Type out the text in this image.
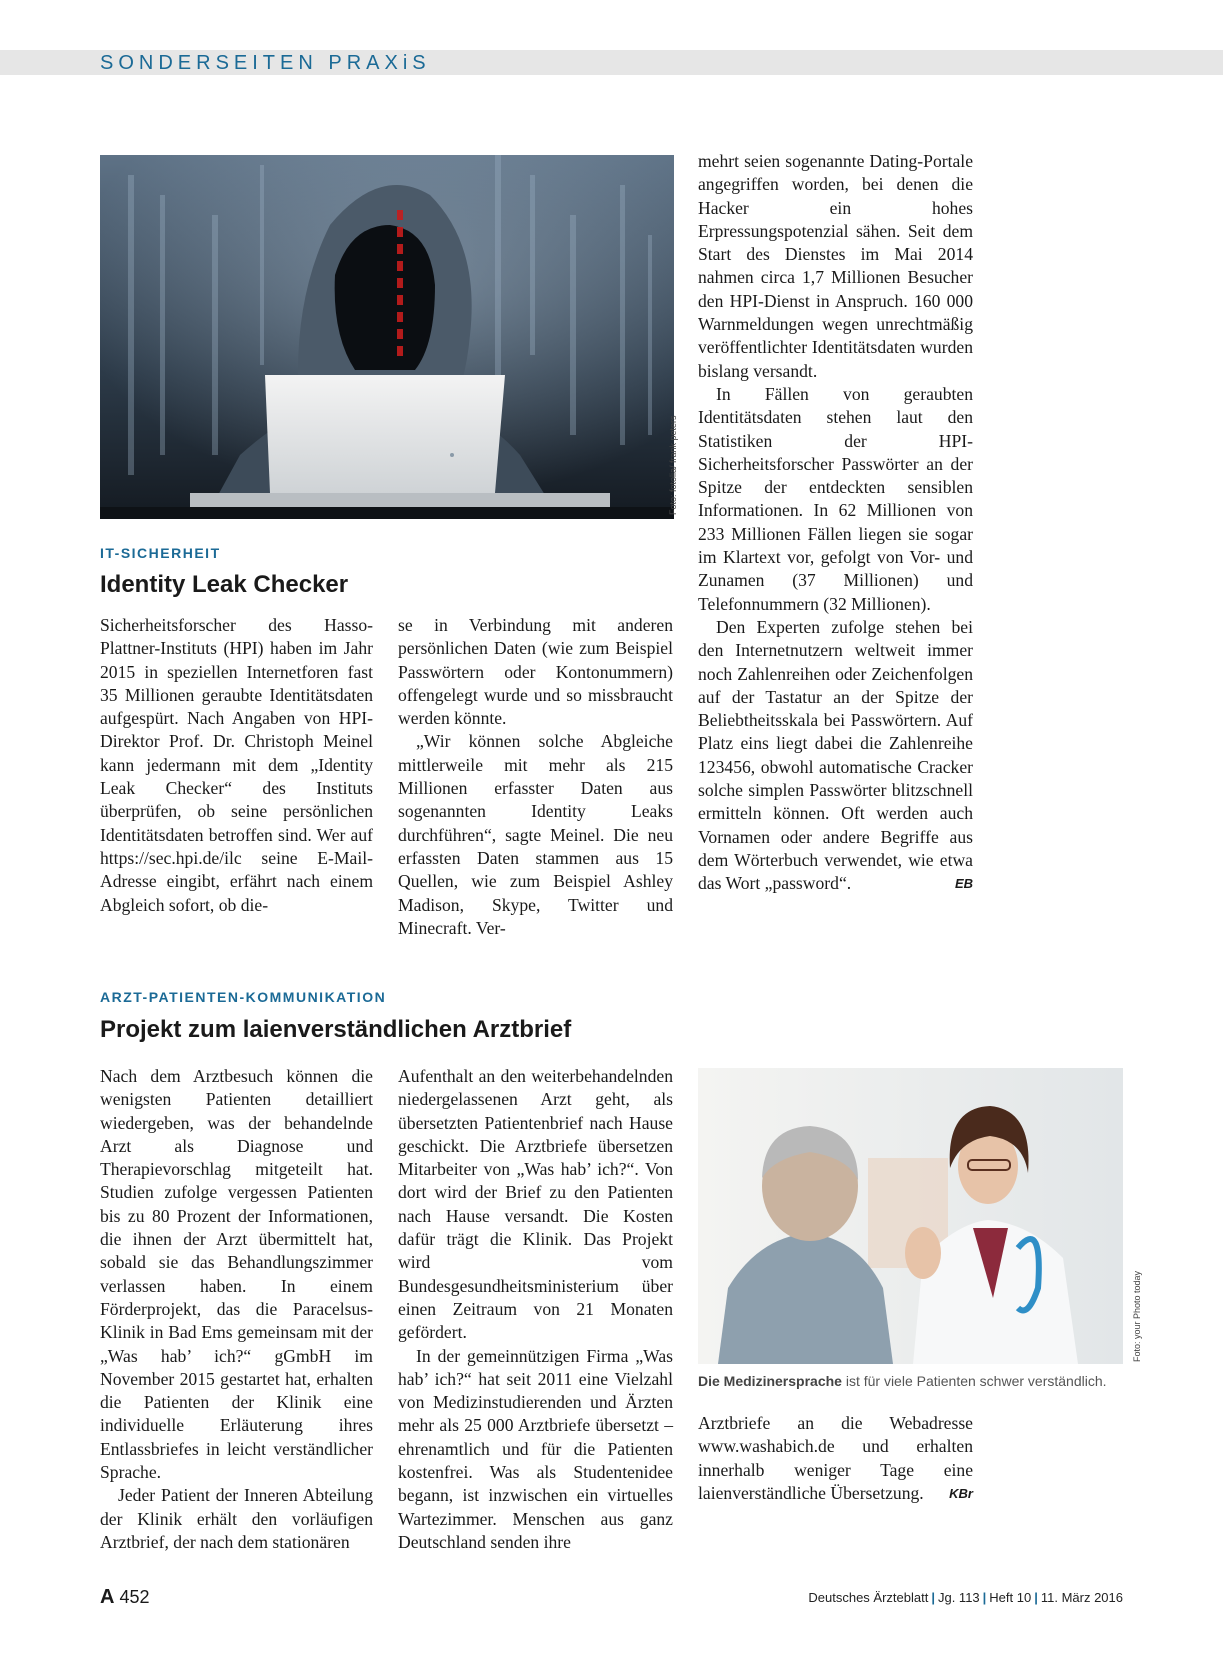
SONDERSEITEN PRAXiS
Foto: fotolia/ frank peters
IT-SICHERHEIT
Identity Leak Checker

Sicherheitsforscher des Hasso-Plattner-Instituts (HPI) haben im Jahr 2015 in speziellen Internetforen fast 35 Millionen geraubte Identitätsdaten aufgespürt. Nach Angaben von HPI-Direktor Prof. Dr. Christoph Meinel kann jedermann mit dem „Identity Leak Checker“ des Instituts überprüfen, ob seine persönlichen Identitätsdaten betroffen sind. Wer auf https://sec.hpi.de/ilc seine E-Mail-Adresse eingibt, erfährt nach einem Abgleich sofort, ob die-

se in Verbindung mit anderen persönlichen Daten (wie zum Beispiel Passwörtern oder Kontonummern) offengelegt wurde und so missbraucht werden könnte.

„Wir können solche Abgleiche mittlerweile mit mehr als 215 Millionen erfasster Daten aus sogenannten Identity Leaks durchführen“, sagte Meinel. Die neu erfassten Daten stammen aus 15 Quellen, wie zum Beispiel Ashley Madison, Skype, Twitter und Minecraft. Ver-

mehrt seien sogenannte Dating-Portale angegriffen worden, bei denen die Hacker ein hohes Erpressungspotenzial sähen. Seit dem Start des Dienstes im Mai 2014 nahmen circa 1,7 Millionen Besucher den HPI-Dienst in Anspruch. 160 000 Warnmeldungen wegen unrechtmäßig veröffentlichter Identitätsdaten wurden bislang versandt.

In Fällen von geraubten Identitätsdaten stehen laut den Statistiken der HPI-Sicherheitsforscher Passwörter an der Spitze der entdeckten sensiblen Informationen. In 62 Millionen von 233 Millionen Fällen liegen sie sogar im Klartext vor, gefolgt von Vor- und Zunamen (37 Millionen) und Telefonnummern (32 Millionen).

Den Experten zufolge stehen bei den Internetnutzern weltweit immer noch Zahlenreihen oder Zeichenfolgen auf der Tastatur an der Spitze der Beliebtheitsskala bei Passwörtern. Auf Platz eins liegt dabei die Zahlenreihe 123456, obwohl automatische Cracker solche simplen Passwörter blitzschnell ermitteln können. Oft werden auch Vornamen oder andere Begriffe aus dem Wörterbuch verwendet, wie etwa das Wort „password“.	EB

ARZT-PATIENTEN-KOMMUNIKATION
Projekt zum laienverständlichen Arztbrief

Nach dem Arztbesuch können die wenigsten Patienten detailliert wiedergeben, was der behandelnde Arzt als Diagnose und Therapievorschlag mitgeteilt hat. Studien zufolge vergessen Patienten bis zu 80 Prozent der Informationen, die ihnen der Arzt übermittelt hat, sobald sie das Behandlungszimmer verlassen haben. In einem Förderprojekt, das die Paracelsus-Klinik in Bad Ems gemeinsam mit der „Was hab’ ich?“ gGmbH im November 2015 gestartet hat, erhalten die Patienten der Klinik eine individuelle Erläuterung ihres Entlassbriefes in leicht verständlicher Sprache.

Jeder Patient der Inneren Abteilung der Klinik erhält den vorläufigen Arztbrief, der nach dem stationären

Aufenthalt an den weiterbehandelnden niedergelassenen Arzt geht, als übersetzten Patientenbrief nach Hause geschickt. Die Arztbriefe übersetzen Mitarbeiter von „Was hab’ ich?“. Von dort wird der Brief zu den Patienten nach Hause versandt. Die Kosten dafür trägt die Klinik. Das Projekt wird vom Bundesgesundheitsministerium über einen Zeitraum von 21 Monaten gefördert.

In der gemeinnützigen Firma „Was hab’ ich?“ hat seit 2011 eine Vielzahl von Medizinstudierenden und Ärzten mehr als 25 000 Arztbriefe übersetzt – ehrenamtlich und für die Patienten kostenfrei. Was als Studentenidee begann, ist inzwischen ein virtuelles Wartezimmer. Menschen aus ganz Deutschland senden ihre

Foto: your Photo today
Die Medizinersprache ist für viele Patienten schwer verständlich.

Arztbriefe an die Webadresse www.washabich.de und erhalten innerhalb weniger Tage eine laienverständliche Übersetzung. KBr

A 452	Deutsches Ärzteblatt | Jg. 113 | Heft 10 | 11. März 2016
